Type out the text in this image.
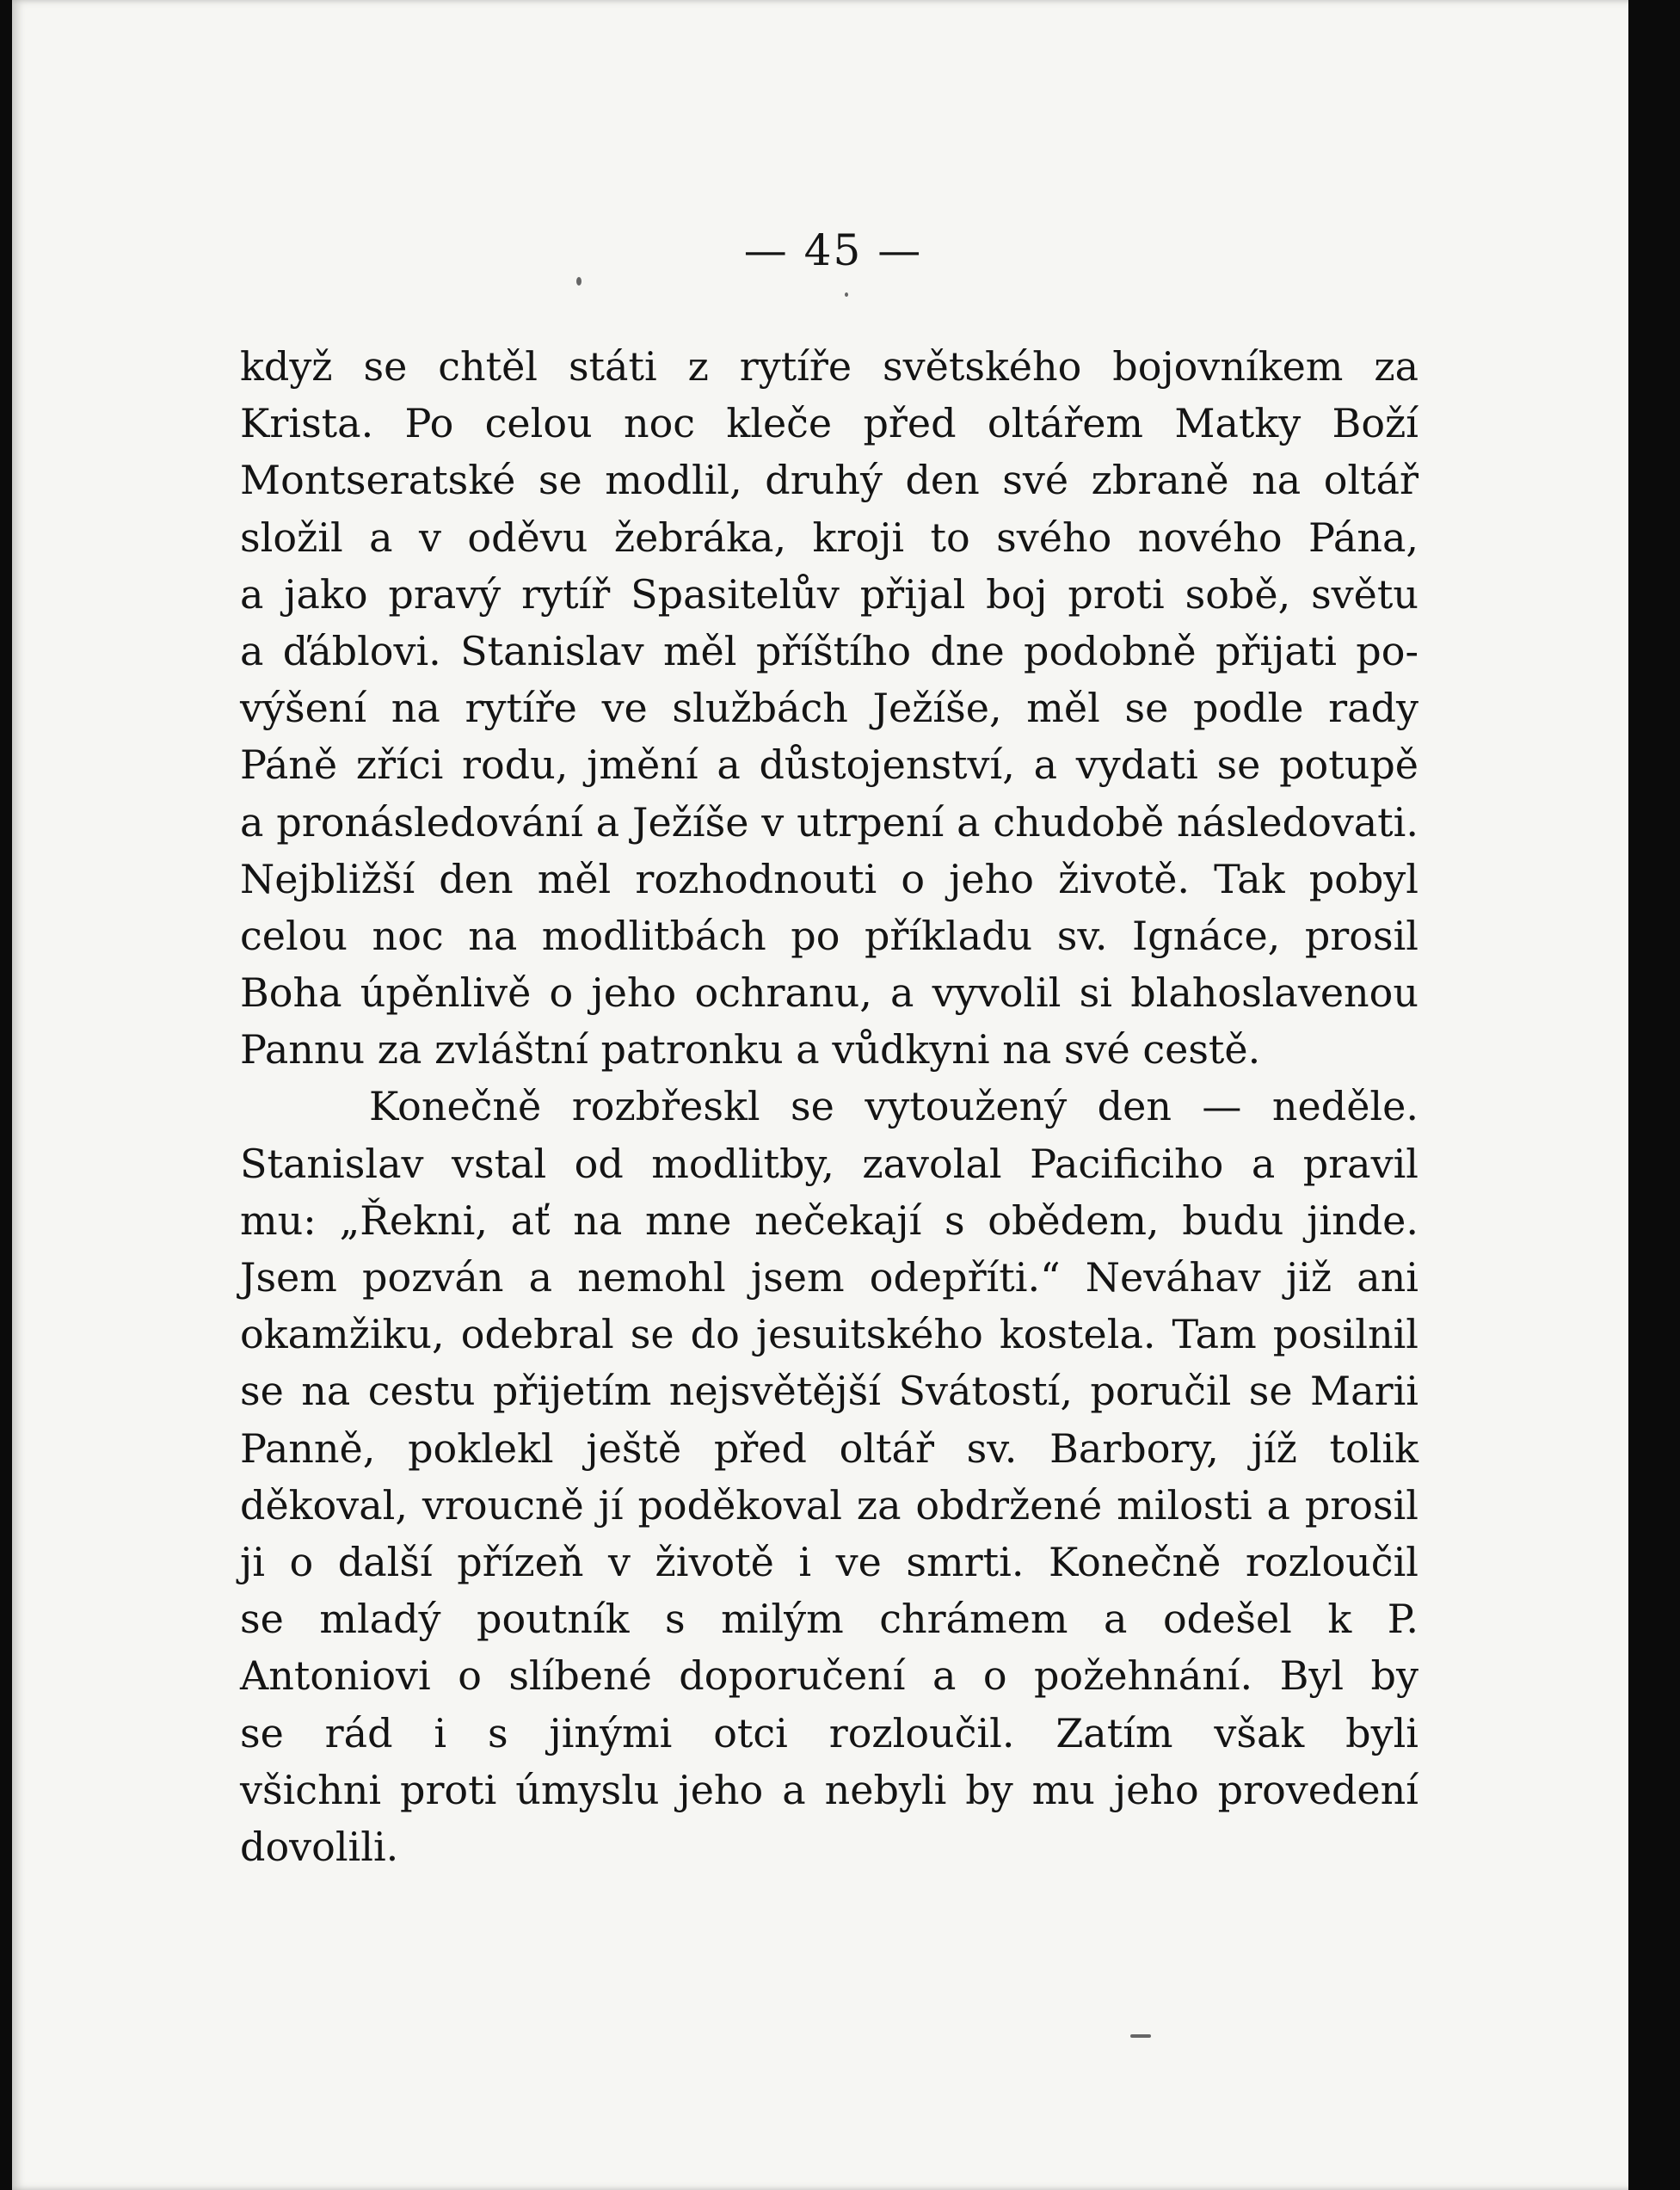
— 45 —
když se chtěl státi z rytíře světského bojovníkem za
Krista. Po celou noc kleče před oltářem Matky Boží
Montseratské se modlil, druhý den své zbraně na oltář
složil a v oděvu žebráka, kroji to svého nového Pána,
a jako pravý rytíř Spasitelův přijal boj proti sobě, světu
a ďáblovi. Stanislav měl příštího dne podobně přijati po-
výšení na rytíře ve službách Ježíše, měl se podle rady
Páně zříci rodu, jmění a důstojenství, a vydati se potupě
a pronásledování a Ježíše v utrpení a chudobě následovati.
Nejbližší den měl rozhodnouti o jeho životě. Tak pobyl
celou noc na modlitbách po příkladu sv. Ignáce, prosil
Boha úpěnlivě o jeho ochranu, a vyvolil si blahoslavenou
Pannu za zvláštní patronku a vůdkyni na své cestě.
Konečně rozbřeskl se vytoužený den — neděle.
Stanislav vstal od modlitby, zavolal Pacificiho a pravil
mu: „Řekni, ať na mne nečekají s obědem, budu jinde.
Jsem pozván a nemohl jsem odepříti.“ Neváhav již ani
okamžiku, odebral se do jesuitského kostela. Tam posilnil
se na cestu přijetím nejsvětější Svátostí, poručil se Marii
Panně, poklekl ještě před oltář sv. Barbory, jíž tolik
děkoval, vroucně jí poděkoval za obdržené milosti a prosil
ji o další přízeň v životě i ve smrti. Konečně rozloučil
se mladý poutník s milým chrámem a odešel k P.
Antoniovi o slíbené doporučení a o požehnání. Byl by
se rád i s jinými otci rozloučil. Zatím však byli
všichni proti úmyslu jeho a nebyli by mu jeho provedení
dovolili.
